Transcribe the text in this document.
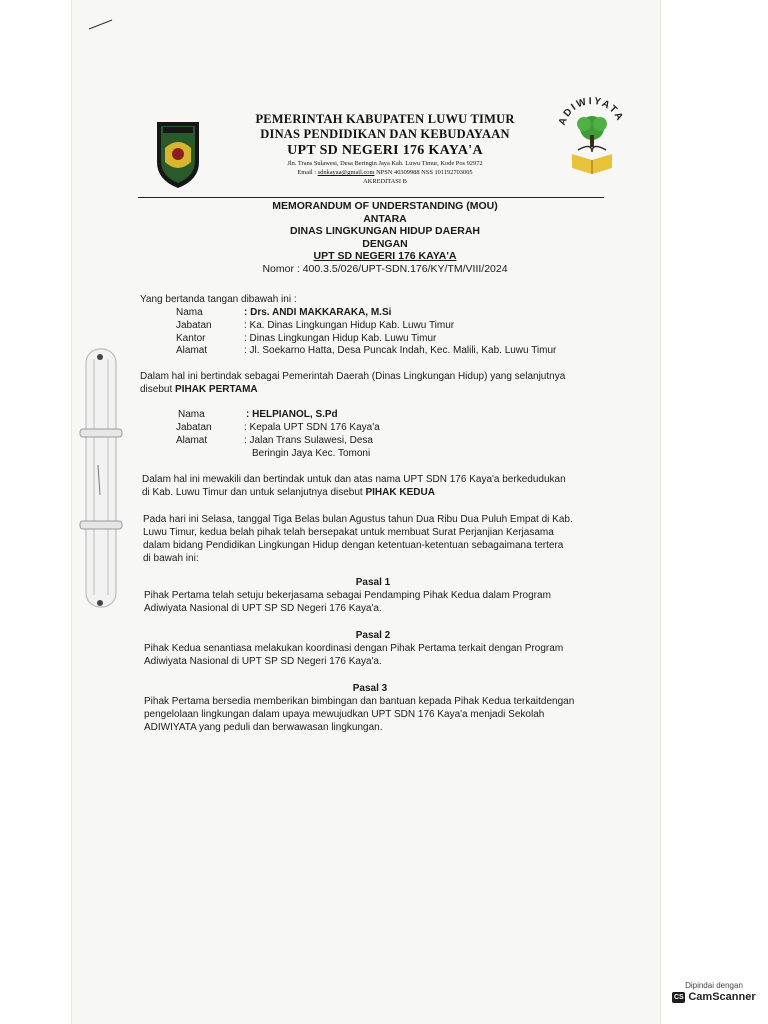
ADIWIYATA
PEMERINTAH KABUPATEN LUWU TIMUR
DINAS PENDIDIKAN DAN KEBUDAYAAN
UPT SD NEGERI 176 KAYA'A
Jln. Trans Sulawesi, Desa Beringin Jaya Kab. Luwu Timur, Kode Pos 92972
Email : sdnkayaa@gmail.com NPSN 40309988 NSS 101192703005
AKREDITASI B
MEMORANDUM OF UNDERSTANDING (MOU)
ANTARA
DINAS LINGKUNGAN HIDUP DAERAH
DENGAN
UPT SD NEGERI 176 KAYA'A
Nomor : 400.3.5/026/UPT-SDN.176/KY/TM/VIII/2024
Yang bertanda tangan dibawah ini :
Nama	: Drs. ANDI MAKKARAKA, M.Si
Jabatan	: Ka. Dinas Lingkungan Hidup Kab. Luwu Timur
Kantor	: Dinas Lingkungan Hidup Kab. Luwu Timur
Alamat	: Jl. Soekarno Hatta, Desa Puncak Indah, Kec. Malili, Kab. Luwu Timur
Dalam hal ini bertindak sebagai Pemerintah Daerah (Dinas Lingkungan Hidup) yang selanjutnya
disebut PIHAK PERTAMA
Nama	: HELPIANOL, S.Pd
Jabatan	: Kepala UPT SDN 176 Kaya'a
Alamat	: Jalan Trans Sulawesi, Desa
Beringin Jaya Kec. Tomoni
Dalam hal ini mewakili dan bertindak untuk dan atas nama UPT SDN 176 Kaya'a berkedudukan
di Kab. Luwu Timur dan untuk selanjutnya disebut PIHAK KEDUA
Pada hari ini Selasa, tanggal Tiga Belas bulan Agustus tahun Dua Ribu Dua Puluh Empat di Kab.
Luwu Timur, kedua belah pihak telah bersepakat untuk membuat Surat Perjanjian Kerjasama
dalam bidang Pendidikan Lingkungan Hidup dengan ketentuan-ketentuan sebagaimana tertera
di bawah ini:
Pasal 1
Pihak Pertama telah setuju bekerjasama sebagai Pendamping Pihak Kedua dalam Program
Adiwiyata Nasional di UPT SP SD Negeri 176 Kaya'a.
Pasal 2
Pihak Kedua senantiasa melakukan koordinasi dengan Pihak Pertama terkait dengan Program
Adiwiyata Nasional di UPT SP SD Negeri 176 Kaya'a.
Pasal 3
Pihak Pertama bersedia memberikan bimbingan dan bantuan kepada Pihak Kedua terkaitdengan
pengelolaan lingkungan dalam upaya mewujudkan UPT SDN 176 Kaya'a menjadi Sekolah
ADIWIYATA yang peduli dan berwawasan lingkungan.
Dipindai dengan
CS CamScanner
